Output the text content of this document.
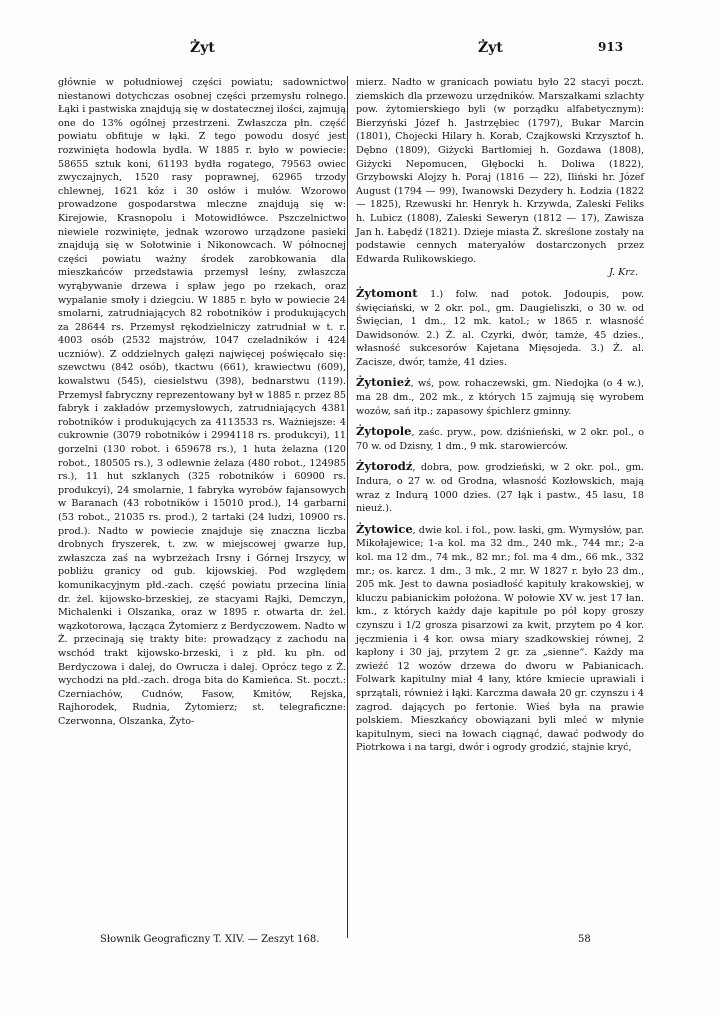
Żyt	Żyt	913

głównie w południowej części powiatu; sadownictwo niestanowi dotychczas osobnej części przemysłu rolnego. Łąki i pastwiska znajdują się w dostatecznej ilości, zajmują one do 13% ogólnej przestrzeni. Zwłaszcza płn. część powiatu obfituje w łąki. Z tego powodu dosyć jest rozwinięta hodowla bydła. W 1885 r. było w powiecie: 58655 sztuk koni, 61193 bydła rogatego, 79563 owiec zwyczajnych, 1520 rasy poprawnej, 62965 trzody chlewnej, 1621 kóz i 30 osłów i mułów. Wzorowo prowadzone gospodarstwa mleczne znajdują się w: Kirejowie, Krasnopolu i Motowidłówce. Pszczelnictwo niewiele rozwinięte, jednak wzorowo urządzone pasieki znajdują się w Sołotwinie i Nikonowcach. W północnej części powiatu ważny środek zarobkowania dla mieszkańców przedstawia przemysł leśny, zwłaszcza wyrąbywanie drzewa i spław jego po rzekach, oraz wypalanie smoły i dziegciu. W 1885 r. było w powiecie 24 smolarni, zatrudniających 82 robotników i produkujących za 28644 rs. Przemysł rękodzielniczy zatrudniał w t. r. 4003 osób (2532 majstrów, 1047 czeladników i 424 uczniów). Z oddzielnych gałęzi najwięcej poświęcało się: szewctwu (842 osób), tkactwu (661), krawiectwu (609), kowalstwu (545), ciesielstwu (398), bednarstwu (119). Przemysł fabryczny reprezentowany był w 1885 r. przez 85 fabryk i zakładów przemysłowych, zatrudniających 4381 robotników i produkujących za 4113533 rs. Ważniejsze: 4 cukrownie (3079 robotników i 2994118 rs. produkcyi), 11 gorzelni (130 robot. i 659678 rs.), 1 huta żelazna (120 robot., 180505 rs.), 3 odlewnie żelaza (480 robot., 124985 rs.), 11 hut szklanych (325 robotników i 60900 rs. produkcyi), 24 smolarnie, 1 fabryka wyrobów fajansowych w Baranach (43 robotników i 15010 prod.), 14 garbarni (53 robot., 21035 rs. prod.), 2 tartaki (24 ludzi, 10900 rs. prod.). Nadto w powiecie znajduje się znaczna liczba drobnych fryszerek, t. zw. w miejscowej gwarze łup, zwłaszcza zaś na wybrzeżach Irsny i Górnej Irszycy, w pobliżu granicy od gub. kijowskiej. Pod względem komunikacyjnym płd.-zach. część powiatu przecina linia dr. żel. kijowsko-brzeskiej, ze stacyami Rajki, Demczyn, Michalenki i Olszanka, oraz w 1895 r. otwarta dr. żel. wązkotorowa, łącząca Żytomierz z Berdyczowem. Nadto w Ż. przecinają się trakty bite: prowadzący z zachodu na wschód trakt kijowsko-brzeski, i z płd. ku płn. od Berdyczowa i dalej, do Owrucza i dalej. Oprócz tego z Ż. wychodzi na płd.-zach. droga bita do Kamieńca. St. poczt.: Czerniachów, Cudnów, Fasow, Kmitów, Rejska, Rajhorodek, Rudnia, Żytomierz; st. telegraficzne: Czerwonna, Olszanka, Żyto-

mierz. Nadto w granicach powiatu było 22 stacyi poczt. ziemskich dla przewozu urzędników. Marszałkami szlachty pow. żytomierskiego byli (w porządku alfabetycznym): Bierzyński Józef h. Jastrzębiec (1797), Bukar Marcin (1801), Chojecki Hilary h. Korab, Czajkowski Krzysztof h. Dębno (1809), Giżycki Bartłomiej h. Gozdawa (1808), Giżycki Nepomucen, Głębocki h. Doliwa (1822), Grzybowski Alojzy h. Poraj (1816 — 22), Iliński hr. Józef August (1794 — 99), Iwanowski Dezydery h. Łodzia (1822 — 1825), Rzewuski hr. Henryk h. Krzywda, Zaleski Feliks h. Lubicz (1808), Zaleski Seweryn (1812 — 17), Zawisza Jan h. Łabędź (1821). Dzieje miasta Ż. skreślone zostały na podstawie cennych materyałów dostarczonych przez Edwarda Rulikowskiego.
J. Krz.

Żytomont 1.) folw. nad potok. Jodoupis, pow. święciański, w 2 okr. pol., gm. Daugieliszki, o 30 w. od Święcian, 1 dm., 12 mk. katol.; w 1865 r. własność Dawidsonów. 2.) Ż. al. Czyrki, dwór, tamże, 45 dzies., własność sukcesorów Kajetana Mięsojeda. 3.) Ż. al. Zacisze, dwór, tamże, 41 dzies.

Żytonież, wś, pow. rohaczewski, gm. Niedojka (o 4 w.), ma 28 dm., 202 mk., z których 15 zajmują się wyrobem wozów, sań itp.; zapasowy śpichlerz gminny.

Żytopole, zaśc. pryw., pow. dziśnieński, w 2 okr. pol., o 70 w. od Dzisny, 1 dm., 9 mk. starowierców.

Żytorodź, dobra, pow. grodzieński, w 2 okr. pol., gm. Indura, o 27 w. od Grodna, własność Kozłowskich, mają wraz z Indurą 1000 dzies. (27 łąk i pastw., 45 lasu, 18 nieuż.).

Żytowice, dwie kol. i fol., pow. łaski, gm. Wymysłów, par. Mikołajewice; 1-a kol. ma 32 dm., 240 mk., 744 mr.; 2-a kol. ma 12 dm., 74 mk., 82 mr.; fol. ma 4 dm., 66 mk., 332 mr.; os. karcz. 1 dm., 3 mk., 2 mr. W 1827 r. było 23 dm., 205 mk. Jest to dawna posiadłość kapituły krakowskiej, w kluczu pabianickim położona. W połowie XV w. jest 17 łan. km., z których każdy daje kapitule po pół kopy groszy czynszu i 1/2 grosza pisarzowi za kwit, przytem po 4 kor. jęczmienia i 4 kor. owsa miary szadkowskiej równej, 2 kapłony i 30 jaj, przytem 2 gr. za „sienne“. Każdy ma zwieźć 12 wozów drzewa do dworu w Pabianicach. Folwark kapitulny miał 4 łany, które kmiecie uprawiali i sprzątali, również i łąki. Karczma dawała 20 gr. czynszu i 4 zagrod. dających po fertonie. Wieś była na prawie polskiem. Mieszkańcy obowiązani byli mleć w młynie kapitulnym, sieci na łowach ciągnąć, dawać podwody do Piotrkowa i na targi, dwór i ogrody grodzić, stajnie kryć,

Słownik Geograficzny T. XIV. — Zeszyt 168.	58
